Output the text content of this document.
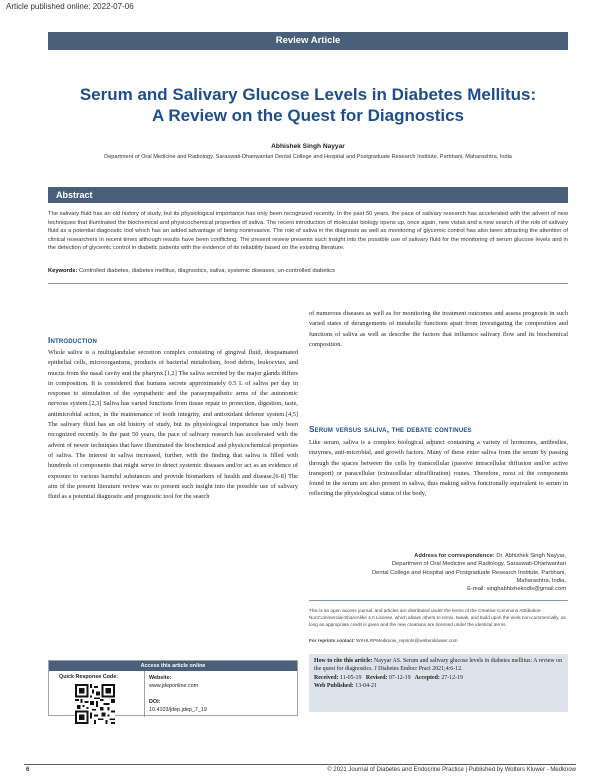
Article published online: 2022-07-06
Review Article
Serum and Salivary Glucose Levels in Diabetes Mellitus:
A Review on the Quest for Diagnostics
Abhishek Singh Nayyar
Department of Oral Medicine and Radiology, Saraswati-Dhanwantari Dental College and Hospital and Postgraduate Research Institute, Parbhani, Maharashtra, India
Abstract

The salivary fluid has an old history of study, but its physiological importance has only been recognized recently. In the past 50 years, the pace of salivary research has accelerated with the advent of new techniques that illuminated the biochemical and physicochemical properties of saliva. The recent introduction of molecular biology opens up, once again, new vistas and a new search of the role of salivary fluid as a potential diagnostic tool which has an added advantage of being noninvasive. The role of saliva in the diagnosis as well as monitoring of glycemic control has also been attracting the attention of clinical researchers in recent times although results have been conflicting. The present review presents such insight into the possible use of salivary fluid for the monitoring of serum glucose levels and in the detection of glycemic control in diabetic patients with the evidence of its reliability based on the existing literature.

Keywords: Controlled diabetes, diabetes mellitus, diagnostics, saliva, systemic diseases, un-controlled diabetics
Introduction

Whole saliva is a multiglandular secretion complex consisting of gingival fluid, desquamated epithelial cells, microorganisms, products of bacterial metabolism, food debris, leukocytes, and mucus from the nasal cavity and the pharynx.[1,2] The saliva secreted by the major glands differs in composition. It is considered that humans secrete approximately 0.5 L of saliva per day in response to stimulation of the sympathetic and the parasympathetic arms of the autonomic nervous system.[2,3] Saliva has varied functions from tissue repair to protection, digestion, taste, antimicrobial action, in the maintenance of tooth integrity, and antioxidant defense system.[4,5] The salivary fluid has an old history of study, but its physiological importance has only been recognized recently. In the past 50 years, the pace of salivary research has accelerated with the advent of newer techniques that have illuminated the biochemical and physicochemical properties of saliva. The interest in saliva increased, further, with the finding that saliva is filled with hundreds of components that might serve to detect systemic diseases and/or act as an evidence of exposure to various harmful substances and provide biomarkers of health and disease.[6-8] The aim of the present literature review was to present such insight into the possible use of salivary fluid as a potential diagnostic and prognostic tool for the search

of numerous diseases as well as for monitoring the treatment outcomes and assess prognosis in such varied states of derangements of metabolic functions apart from investigating the composition and functions of saliva as well as describe the factors that influence salivary flow and its biochemical composition.

Serum versus saliva, the debate continues

Like serum, saliva is a complex biological adjunct containing a variety of hormones, antibodies, enzymes, anti-microbial, and growth factors. Many of these enter saliva from the serum by passing through the spaces between the cells by transcellular (passive intracellular diffusion and/or active transport) or paracellular (extracellular ultrafiltration) routes. Therefore, most of the components found in the serum are also present in saliva, thus making saliva functionally equivalent to serum in reflecting the physiological status of the body,

Address for correspondence: Dr. Abhishek Singh Nayyar,
Department of Oral Medicine and Radiology, Saraswati-Dhanwantari
Dental College and Hospital and Postgraduate Research Institute, Parbhani,
Maharashtra, India.
E-mail: singhabhishekndls@gmail.com

This is an open access journal, and articles are distributed under the terms of the Creative Commons Attribution-NonCommercial-ShareAlike 4.0 License, which allows others to remix, tweak, and build upon the work non-commercially, as long as appropriate credit is given and the new creations are licensed under the identical terms.

For reprints contact: WKHLRPMedknow_reprints@wolterskluwer.com
How to cite this article: Nayyar AS. Serum and salivary glucose levels in diabetes mellitus: A review on the quest for diagnostics. J Diabetes Endocr Pract 2021;4:6-12.
Received: 11-05-19 Revised: 07-12-19 Accepted: 27-12-19
Web Published: 13-04-21
Access this article online
Quick Response Code:	Website:
www.jdeponline.com
DOI:
10.4103/jdep.jdep_7_19
6	© 2021 Journal of Diabetes and Endocrine Practice | Published by Wolters Kluwer - Medknow
